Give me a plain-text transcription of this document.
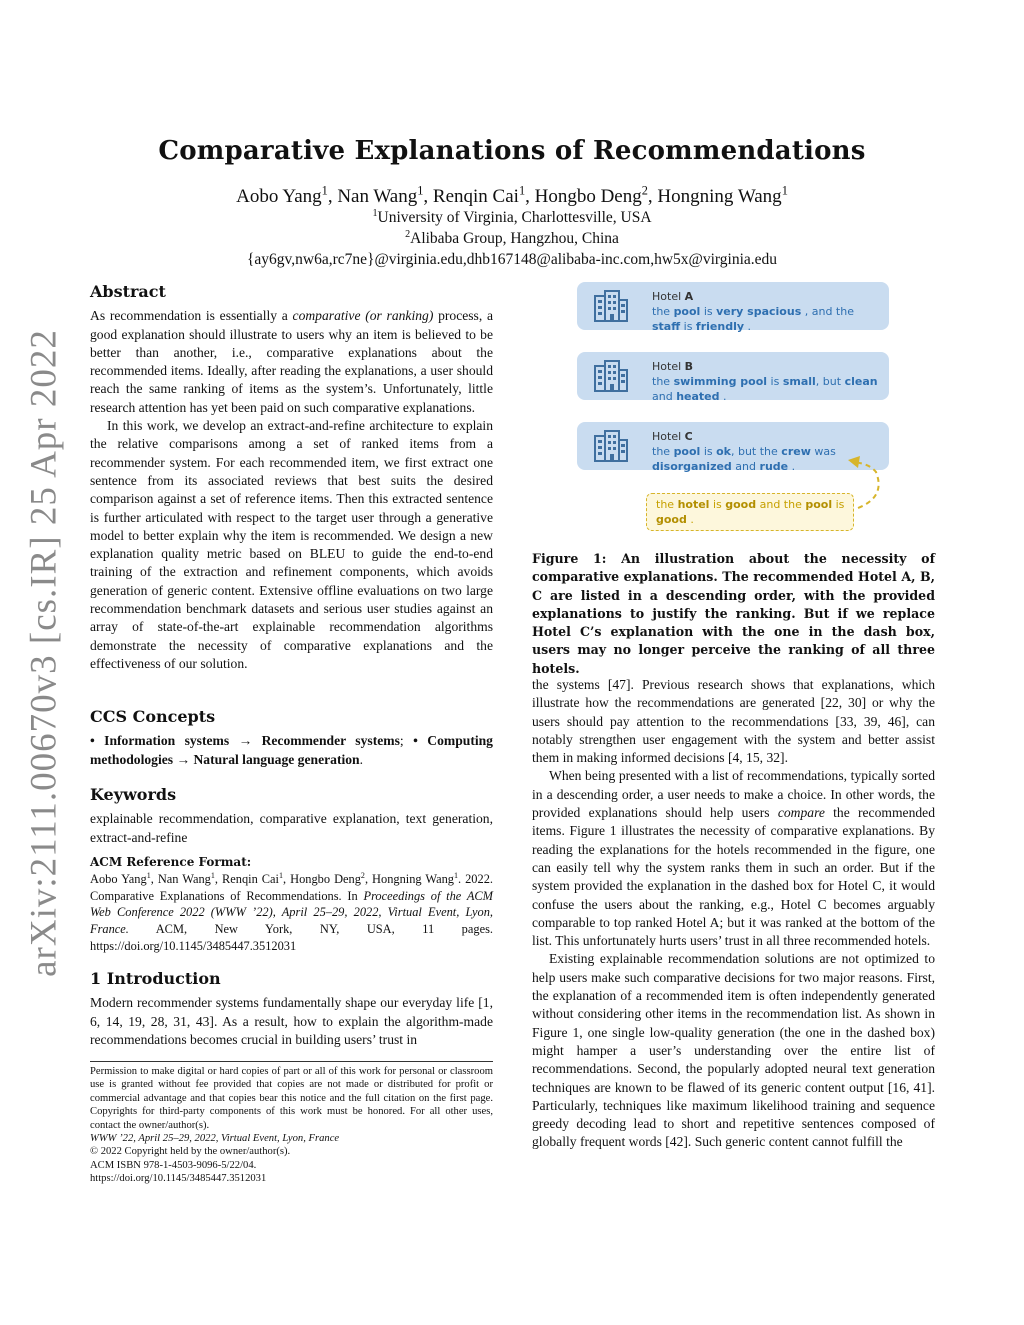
arXiv:2111.00670v3 [cs.IR] 25 Apr 2022
Comparative Explanations of Recommendations
Aobo Yang$^1$, Nan Wang$^1$, Renqin Cai$^1$, Hongbo Deng$^2$, Hongning Wang$^1$
$^1$University of Virginia, Charlottesville, USA
$^2$Alibaba Group, Hangzhou, China
{ay6gv,nw6a,rc7ne}@virginia.edu,dhb167148@alibaba-inc.com,hw5x@virginia.edu
Abstract

As recommendation is essentially a comparative (or ranking) process, a good explanation should illustrate to users why an item is believed to be better than another, i.e., comparative explanations about the recommended items. Ideally, after reading the explanations, a user should reach the same ranking of items as the system’s. Unfortunately, little research attention has yet been paid on such comparative explanations.

In this work, we develop an extract-and-refine architecture to explain the relative comparisons among a set of ranked items from a recommender system. For each recommended item, we first extract one sentence from its associated reviews that best suits the desired comparison against a set of reference items. Then this extracted sentence is further articulated with respect to the target user through a generative model to better explain why the item is recommended. We design a new explanation quality metric based on BLEU to guide the end-to-end training of the extraction and refinement components, which avoids generation of generic content. Extensive offline evaluations on two large recommendation benchmark datasets and serious user studies against an array of state-of-the-art explainable recommendation algorithms demonstrate the necessity of comparative explanations and the effectiveness of our solution.

CCS Concepts

• Information systems → Recommender systems; • Computing methodologies → Natural language generation.

Keywords

explainable recommendation, comparative explanation, text generation, extract-and-refine

ACM Reference Format:

Aobo Yang$^1$, Nan Wang$^1$, Renqin Cai$^1$, Hongbo Deng$^2$, Hongning Wang$^1$. 2022. Comparative Explanations of Recommendations. In Proceedings of the ACM Web Conference 2022 (WWW ’22), April 25–29, 2022, Virtual Event, Lyon, France. ACM, New York, NY, USA, 11 pages. https://doi.org/10.1145/3485447.3512031

1 Introduction

Modern recommender systems fundamentally shape our everyday life [1, 6, 14, 19, 28, 31, 43]. As a result, how to explain the algorithm-made recommendations becomes crucial in building users’ trust in

Permission to make digital or hard copies of part or all of this work for personal or classroom use is granted without fee provided that copies are not made or distributed for profit or commercial advantage and that copies bear this notice and the full citation on the first page. Copyrights for third-party components of this work must be honored. For all other uses, contact the owner/author(s).

WWW ’22, April 25–29, 2022, Virtual Event, Lyon, France

© 2022 Copyright held by the owner/author(s).

ACM ISBN 978-1-4503-9096-5/22/04.

https://doi.org/10.1145/3485447.3512031

Hotel A
the pool is very spacious , and the staff is friendly .
Hotel B
the swimming pool is small, but clean and heated .
Hotel C
the pool is ok, but the crew was disorganized and rude .
the hotel is good and the pool is good .
Figure 1: An illustration about the necessity of comparative explanations. The recommended Hotel A, B, C are listed in a descending order, with the provided explanations to justify the ranking. But if we replace Hotel C’s explanation with the one in the dash box, users may no longer perceive the ranking of all three hotels.

the systems [47]. Previous research shows that explanations, which illustrate how the recommendations are generated [22, 30] or why the users should pay attention to the recommendations [33, 39, 46], can notably strengthen user engagement with the system and better assist them in making informed decisions [4, 15, 32].

When being presented with a list of recommendations, typically sorted in a descending order, a user needs to make a choice. In other words, the provided explanations should help users compare the recommended items. Figure 1 illustrates the necessity of comparative explanations. By reading the explanations for the hotels recommended in the figure, one can easily tell why the system ranks them in such an order. But if the system provided the explanation in the dashed box for Hotel C, it would confuse the users about the ranking, e.g., Hotel C becomes arguably comparable to top ranked Hotel A; but it was ranked at the bottom of the list. This unfortunately hurts users’ trust in all three recommended hotels.

Existing explainable recommendation solutions are not optimized to help users make such comparative decisions for two major reasons. First, the explanation of a recommended item is often independently generated without considering other items in the recommendation list. As shown in Figure 1, one single low-quality generation (the one in the dashed box) might hamper a user’s understanding over the entire list of recommendations. Second, the popularly adopted neural text generation techniques are known to be flawed of its generic content output [16, 41]. Particularly, techniques like maximum likelihood training and sequence greedy decoding lead to short and repetitive sentences composed of globally frequent words [42]. Such generic content cannot fulfill the
